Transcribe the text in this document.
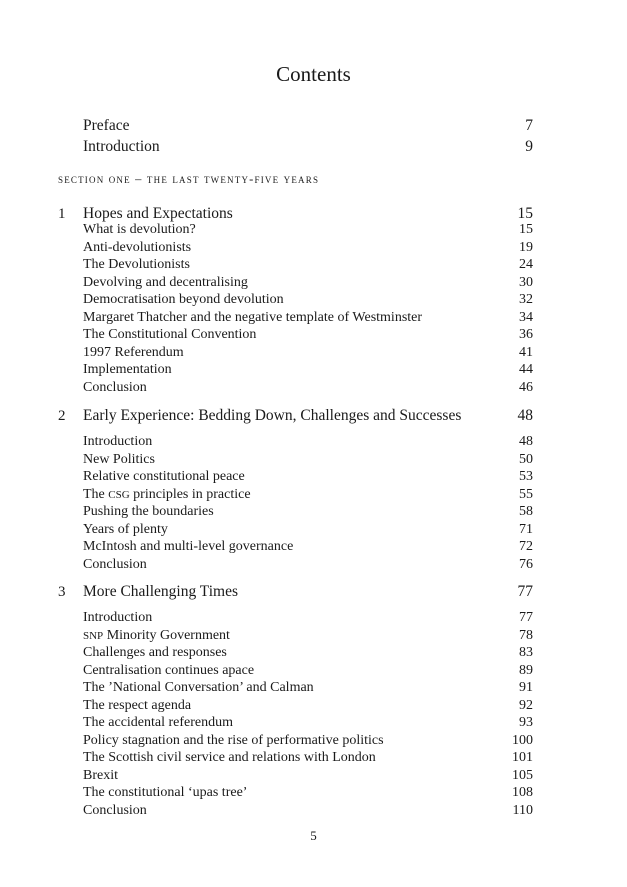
Contents
Preface	7
Introduction	9
section one – the last twenty-five years
1 Hopes and Expectations	15
What is devolution?	15
Anti-devolutionists	19
The Devolutionists	24
Devolving and decentralising	30
Democratisation beyond devolution	32
Margaret Thatcher and the negative template of Westminster	34
The Constitutional Convention	36
1997 Referendum	41
Implementation	44
Conclusion	46
2 Early Experience: Bedding Down, Challenges and Successes	48
Introduction	48
New Politics	50
Relative constitutional peace	53
The csg principles in practice	55
Pushing the boundaries	58
Years of plenty	71
McIntosh and multi-level governance	72
Conclusion	76
3 More Challenging Times	77
Introduction	77
snp Minority Government	78
Challenges and responses	83
Centralisation continues apace	89
The ’National Conversation’ and Calman	91
The respect agenda	92
The accidental referendum	93
Policy stagnation and the rise of performative politics	100
The Scottish civil service and relations with London	101
Brexit	105
The constitutional ‘upas tree’	108
Conclusion	110
5
